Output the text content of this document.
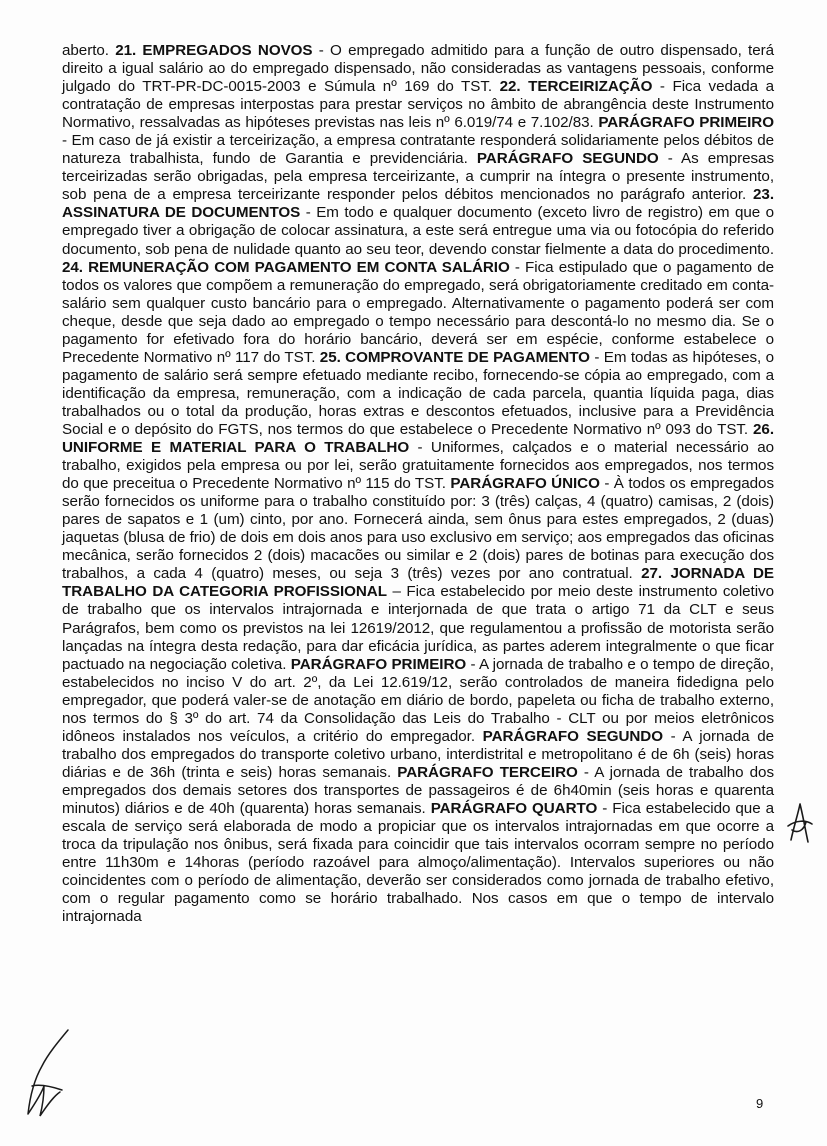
aberto. 21. EMPREGADOS NOVOS - O empregado admitido para a função de outro dispensado, terá direito a igual salário ao do empregado dispensado, não consideradas as vantagens pessoais, conforme julgado do TRT-PR-DC-0015-2003 e Súmula nº 169 do TST. 22. TERCEIRIZAÇÃO - Fica vedada a contratação de empresas interpostas para prestar serviços no âmbito de abrangência deste Instrumento Normativo, ressalvadas as hipóteses previstas nas leis nº 6.019/74 e 7.102/83. PARÁGRAFO PRIMEIRO - Em caso de já existir a terceirização, a empresa contratante responderá solidariamente pelos débitos de natureza trabalhista, fundo de Garantia e previdenciária. PARÁGRAFO SEGUNDO - As empresas terceirizadas serão obrigadas, pela empresa terceirizante, a cumprir na íntegra o presente instrumento, sob pena de a empresa terceirizante responder pelos débitos mencionados no parágrafo anterior. 23. ASSINATURA DE DOCUMENTOS - Em todo e qualquer documento (exceto livro de registro) em que o empregado tiver a obrigação de colocar assinatura, a este será entregue uma via ou fotocópia do referido documento, sob pena de nulidade quanto ao seu teor, devendo constar fielmente a data do procedimento. 24. REMUNERAÇÃO COM PAGAMENTO EM CONTA SALÁRIO - Fica estipulado que o pagamento de todos os valores que compõem a remuneração do empregado, será obrigatoriamente creditado em conta-salário sem qualquer custo bancário para o empregado. Alternativamente o pagamento poderá ser com cheque, desde que seja dado ao empregado o tempo necessário para descontá-lo no mesmo dia. Se o pagamento for efetivado fora do horário bancário, deverá ser em espécie, conforme estabelece o Precedente Normativo nº 117 do TST. 25. COMPROVANTE DE PAGAMENTO - Em todas as hipóteses, o pagamento de salário será sempre efetuado mediante recibo, fornecendo-se cópia ao empregado, com a identificação da empresa, remuneração, com a indicação de cada parcela, quantia líquida paga, dias trabalhados ou o total da produção, horas extras e descontos efetuados, inclusive para a Previdência Social e o depósito do FGTS, nos termos do que estabelece o Precedente Normativo nº 093 do TST. 26. UNIFORME E MATERIAL PARA O TRABALHO - Uniformes, calçados e o material necessário ao trabalho, exigidos pela empresa ou por lei, serão gratuitamente fornecidos aos empregados, nos termos do que preceitua o Precedente Normativo nº 115 do TST. PARÁGRAFO ÚNICO - À todos os empregados serão fornecidos os uniforme para o trabalho constituído por: 3 (três) calças, 4 (quatro) camisas, 2 (dois) pares de sapatos e 1 (um) cinto, por ano. Fornecerá ainda, sem ônus para estes empregados, 2 (duas) jaquetas (blusa de frio) de dois em dois anos para uso exclusivo em serviço; aos empregados das oficinas mecânica, serão fornecidos 2 (dois) macacões ou similar e 2 (dois) pares de botinas para execução dos trabalhos, a cada 4 (quatro) meses, ou seja 3 (três) vezes por ano contratual. 27. JORNADA DE TRABALHO DA CATEGORIA PROFISSIONAL – Fica estabelecido por meio deste instrumento coletivo de trabalho que os intervalos intrajornada e interjornada de que trata o artigo 71 da CLT e seus Parágrafos, bem como os previstos na lei 12619/2012, que regulamentou a profissão de motorista serão lançadas na íntegra desta redação, para dar eficácia jurídica, as partes aderem integralmente o que ficar pactuado na negociação coletiva. PARÁGRAFO PRIMEIRO - A jornada de trabalho e o tempo de direção, estabelecidos no inciso V do art. 2º, da Lei 12.619/12, serão controlados de maneira fidedigna pelo empregador, que poderá valer-se de anotação em diário de bordo, papeleta ou ficha de trabalho externo, nos termos do § 3º do art. 74 da Consolidação das Leis do Trabalho - CLT ou por meios eletrônicos idôneos instalados nos veículos, a critério do empregador. PARÁGRAFO SEGUNDO - A jornada de trabalho dos empregados do transporte coletivo urbano, interdistrital e metropolitano é de 6h (seis) horas diárias e de 36h (trinta e seis) horas semanais. PARÁGRAFO TERCEIRO - A jornada de trabalho dos empregados dos demais setores dos transportes de passageiros é de 6h40min (seis horas e quarenta minutos) diários e de 40h (quarenta) horas semanais. PARÁGRAFO QUARTO - Fica estabelecido que a escala de serviço será elaborada de modo a propiciar que os intervalos intrajornadas em que ocorre a troca da tripulação nos ônibus, será fixada para coincidir que tais intervalos ocorram sempre no período entre 11h30m e 14horas (período razoável para almoço/alimentação). Intervalos superiores ou não coincidentes com o período de alimentação, deverão ser considerados como jornada de trabalho efetivo, com o regular pagamento como se horário trabalhado. Nos casos em que o tempo de intervalo intrajornada

9
